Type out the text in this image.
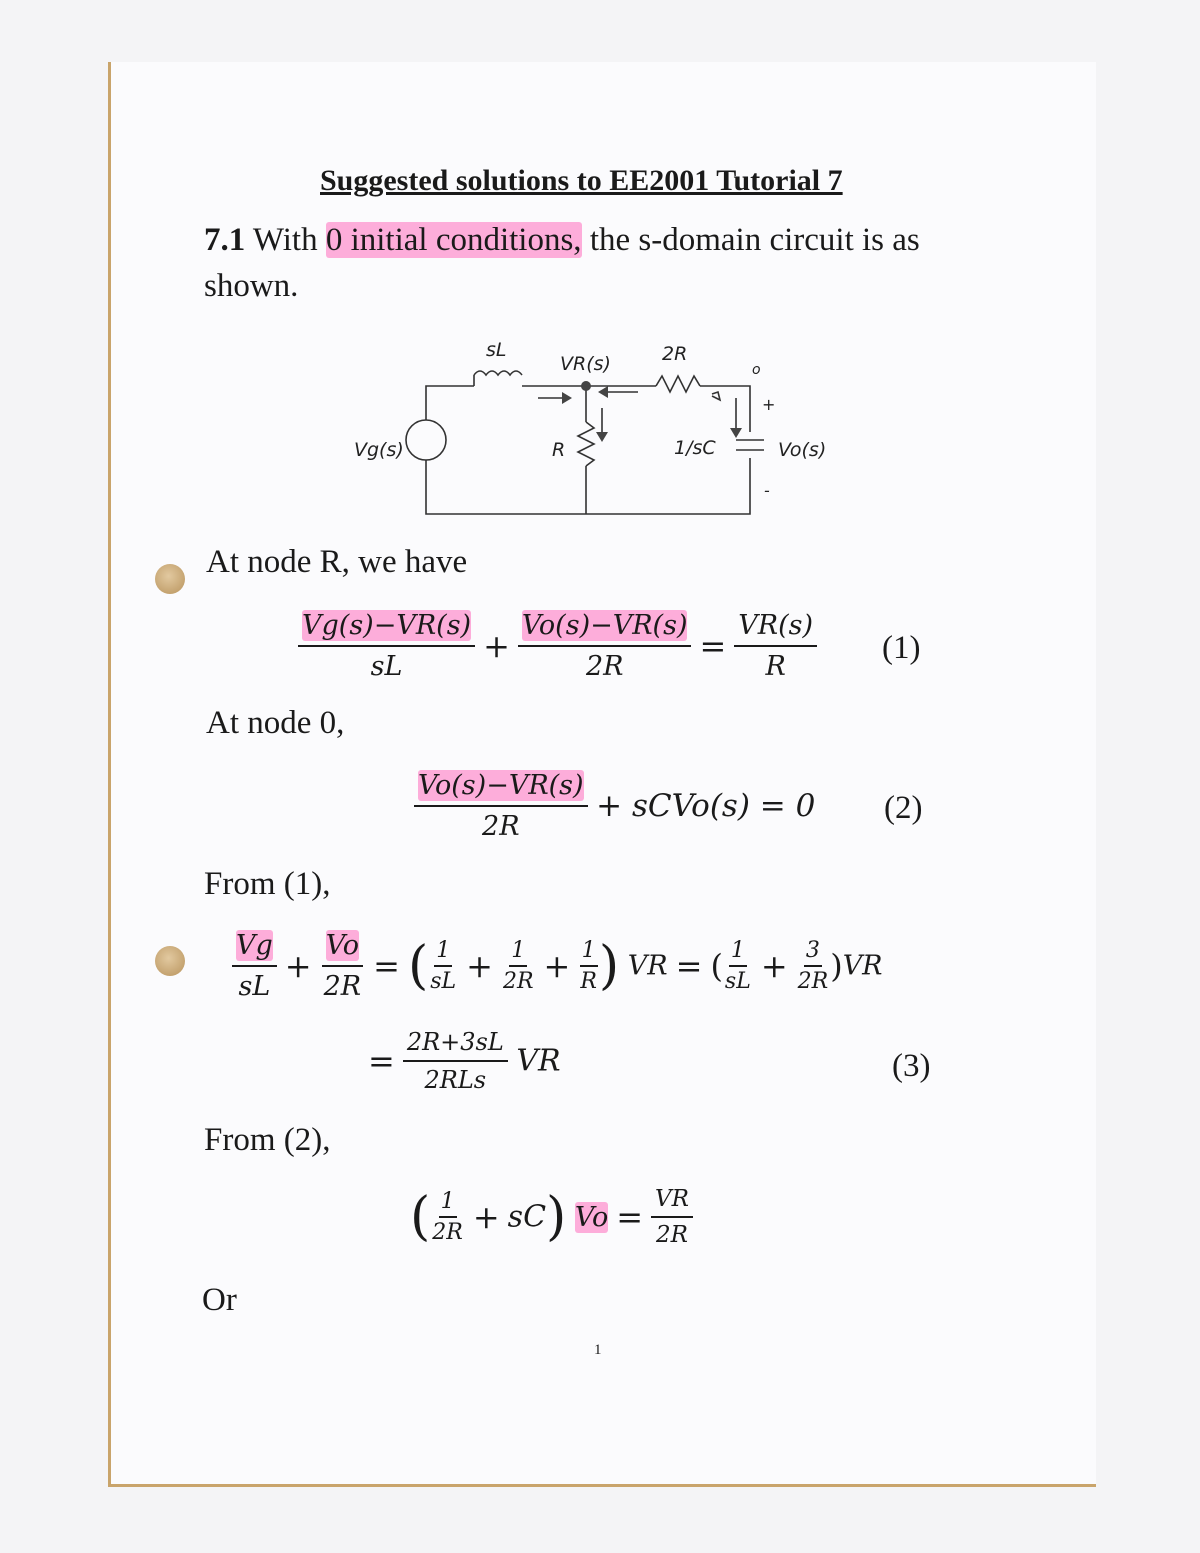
Suggested solutions to EE2001 Tutorial 7
7.1 With 0 initial conditions, the s-domain circuit is as
shown.
sL
VR(s)	2R
o
+
Vg(s)	R	1/sC	Vo(s)
-
At node R, we have
$\frac{Vg(s)-VR(s)}{sL} + \frac{Vo(s)-VR(s)}{2R} = \frac{VR(s)}{R} (1)$
At node 0,
$\frac{Vo(s)-VR(s)}{2R}$ + sCVo(s) = 0 (2)
From (1),
$\frac{Vg}{sL} + \frac{Vo}{2R}$ = ( $\frac{1}{sL} + \frac{1}{2R} + \frac{1}{R}$ ) VR = ( $\frac{1}{sL} + \frac{3}{2R} )VR$
= $\frac{2R+3sL}{\text{2RLs}}$ VR	(3)
From (2),
( $\frac{1}{2R} + sC$) $Vo = \frac{VR}{2R}$
Or
1
